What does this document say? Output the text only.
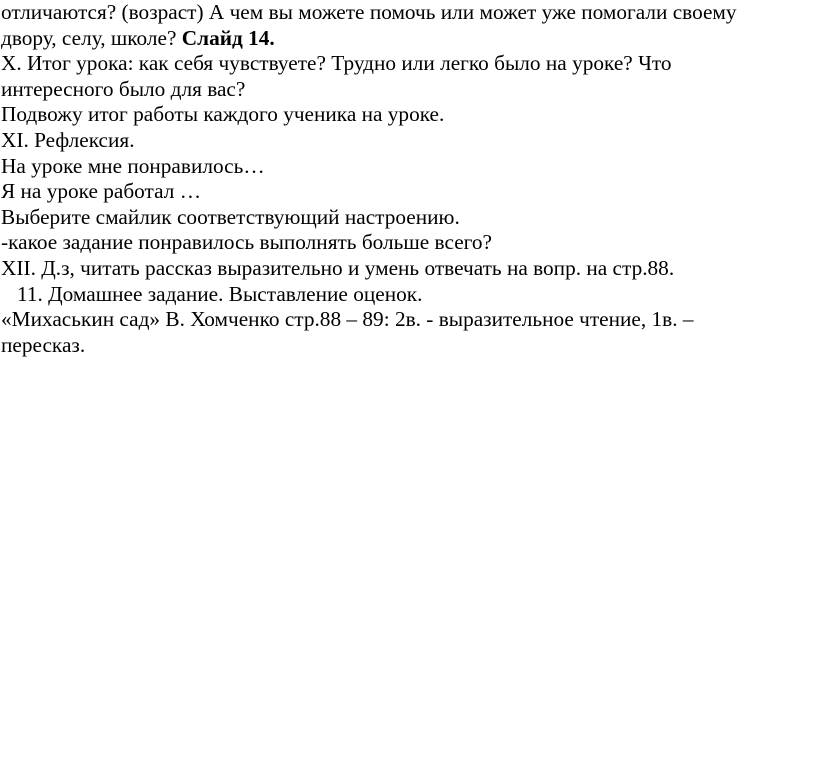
отличаются? (возраст) А чем вы можете помочь или может уже помогали своему
двору, селу, школе? Слайд 14.
X. Итог урока: как себя чувствуете? Трудно или легко было на уроке? Что
интересного было для вас?
Подвожу итог работы каждого ученика на уроке.
XI. Рефлексия.
На уроке мне понравилось…
Я на уроке работал …
Выберите смайлик соответствующий настроению.
-какое задание понравилось выполнять больше всего?
XII. Д.з, читать рассказ выразительно и умень отвечать на вопр. на стр.88.
11. Домашнее задание. Выставление оценок.
«Михаськин сад» В. Хомченко стр.88 – 89: 2в. - выразительное чтение, 1в. –
пересказ.
